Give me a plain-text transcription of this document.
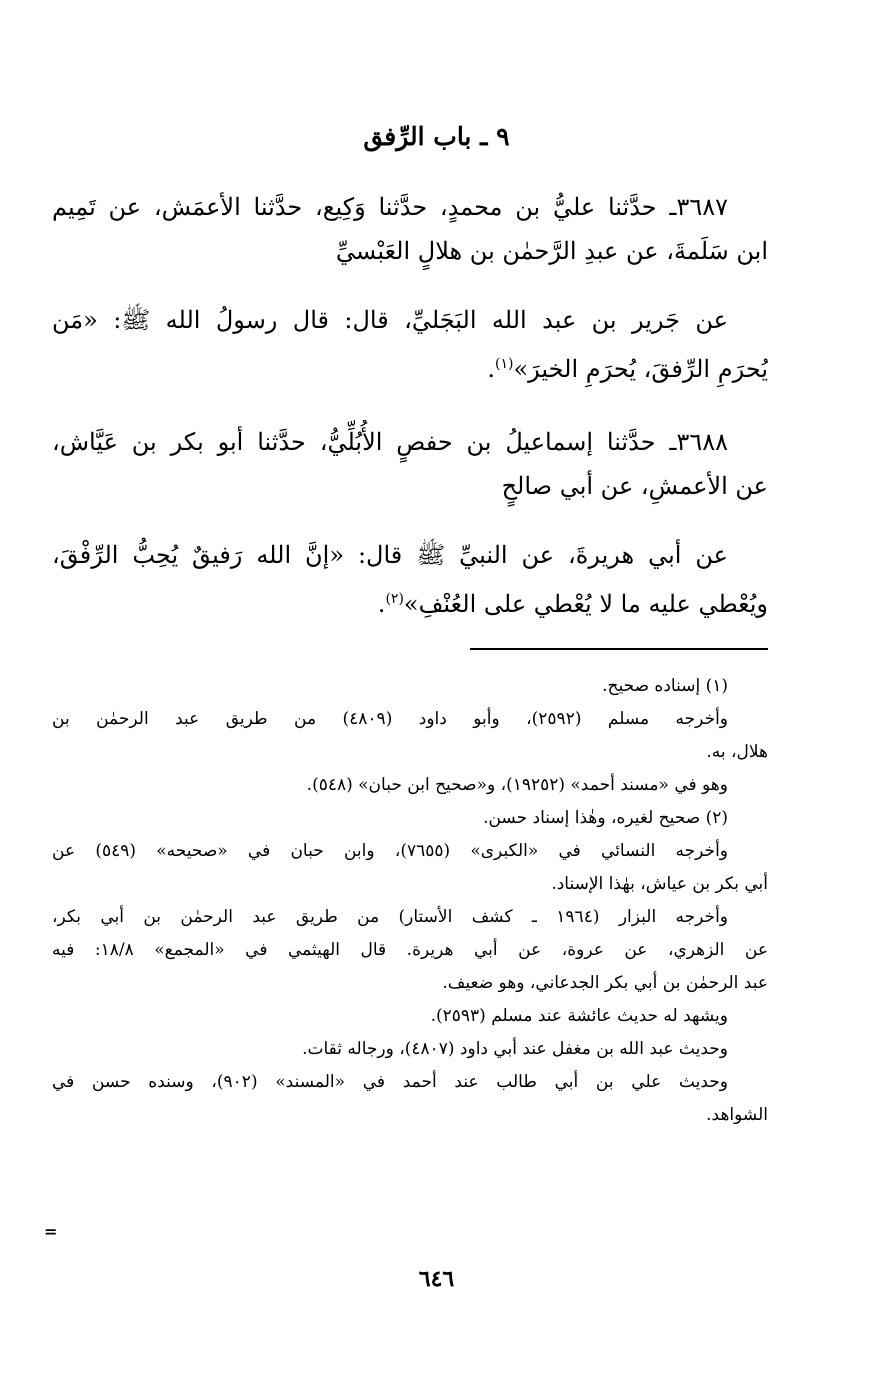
٩ ـ باب الرِّفق
٣٦٨٧ـ حدَّثنا عليُّ بن محمدٍ، حدَّثنا وَكِيع، حدَّثنا الأعمَش، عن تَمِيم
ابن سَلَمةَ، عن عبدِ الرَّحمٰن بن هلالٍ العَبْسيِّ
عن جَرير بن عبد الله البَجَليِّ، قال: قال رسولُ الله ﷺ: «مَن
يُحرَمِ الرِّفقَ، يُحرَمِ الخيرَ»$^{(١)}$.
٣٦٨٨ـ حدَّثنا إسماعيلُ بن حفصٍ الأُبُلِّيُّ، حدَّثنا أبو بكر بن عَيَّاش،
عن الأعمشِ، عن أبي صالحٍ
عن أبي هريرةَ، عن النبيِّ ﷺ قال: «إنَّ الله رَفيقٌ يُحِبُّ الرِّفْقَ،
ويُعْطي عليه ما لا يُعْطي على العُنْفِ»$^{(٢)}$.
(١) إسناده صحيح.
وأخرجه مسلم (٢٥٩٢)، وأبو داود (٤٨٠٩) من طريق عبد الرحمٰن بن
هلال، به.
وهو في «مسند أحمد» (١٩٢٥٢)، و«صحيح ابن حبان» (٥٤٨).
(٢) صحيح لغيره، وهٰذا إسناد حسن.
وأخرجه النسائي في «الكبرى» (٧٦٥٥)، وابن حبان في «صحيحه» (٥٤٩) عن
أبي بكر بن عياش، بهٰذا الإسناد.
وأخرجه البزار (١٩٦٤ ـ كشف الأستار) من طريق عبد الرحمٰن بن أبي بكر،
عن الزهري، عن عروة، عن أبي هريرة. قال الهيثمي في «المجمع» ١٨/٨: فيه
عبد الرحمٰن بن أبي بكر الجدعاني، وهو ضعيف.
ويشهد له حديث عائشة عند مسلم (٢٥٩٣).
وحديث عبد الله بن مغفل عند أبي داود (٤٨٠٧)، ورجاله ثقات.
وحديث علي بن أبي طالب عند أحمد في «المسند» (٩٠٢)، وسنده حسن في
الشواهد.
=
٦٤٦
